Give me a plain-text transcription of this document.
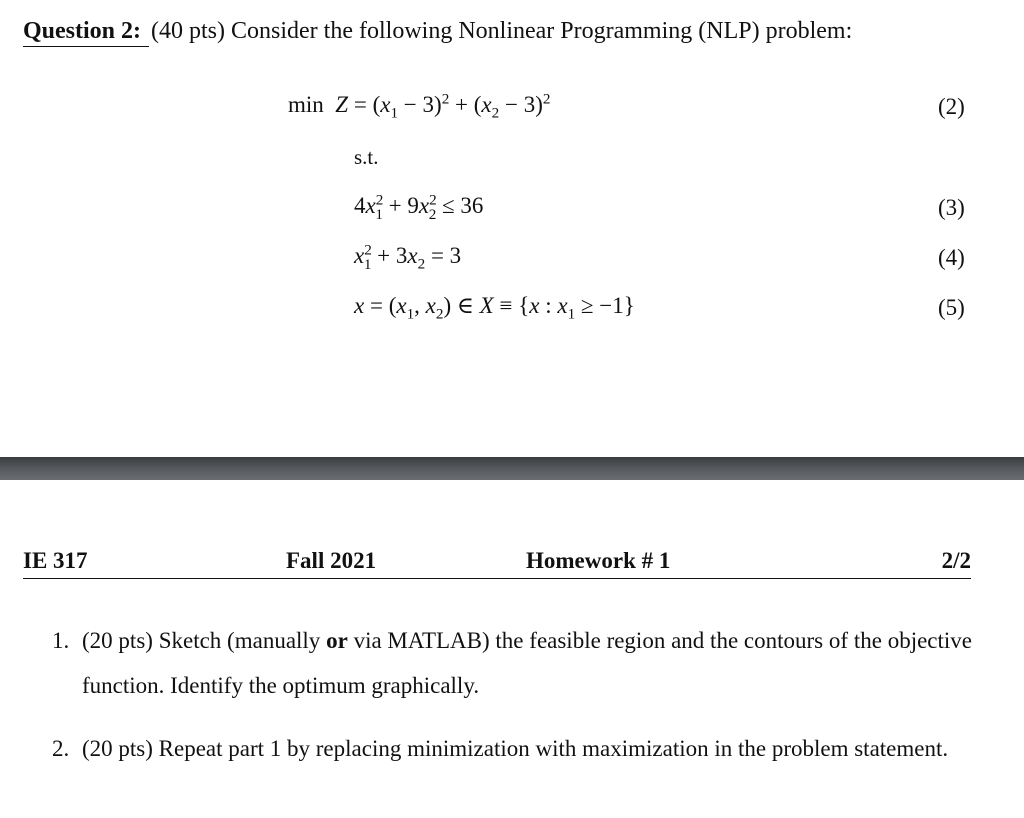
Question 2: (40 pts) Consider the following Nonlinear Programming (NLP) problem:
$\min Z = (x_1 - 3)^2 + (x_2 - 3)^2$	(2)
s.t.
$4x^2_1 + 9x^2_2 \le 36$	(3)
$x^2_1 + 3x_2 = 3$	(4)
$x = (x_1$, $x_2$) ∈ X ≡ {x : $x_1 \ge -1$}	(5)
IE 317	Fall 2021	Homework # 1	2/2
1. (20 pts) Sketch (manually or via MATLAB) the feasible region and the contours of the objective function. Identify the optimum graphically.
2. (20 pts) Repeat part 1 by replacing minimization with maximization in the problem statement.
